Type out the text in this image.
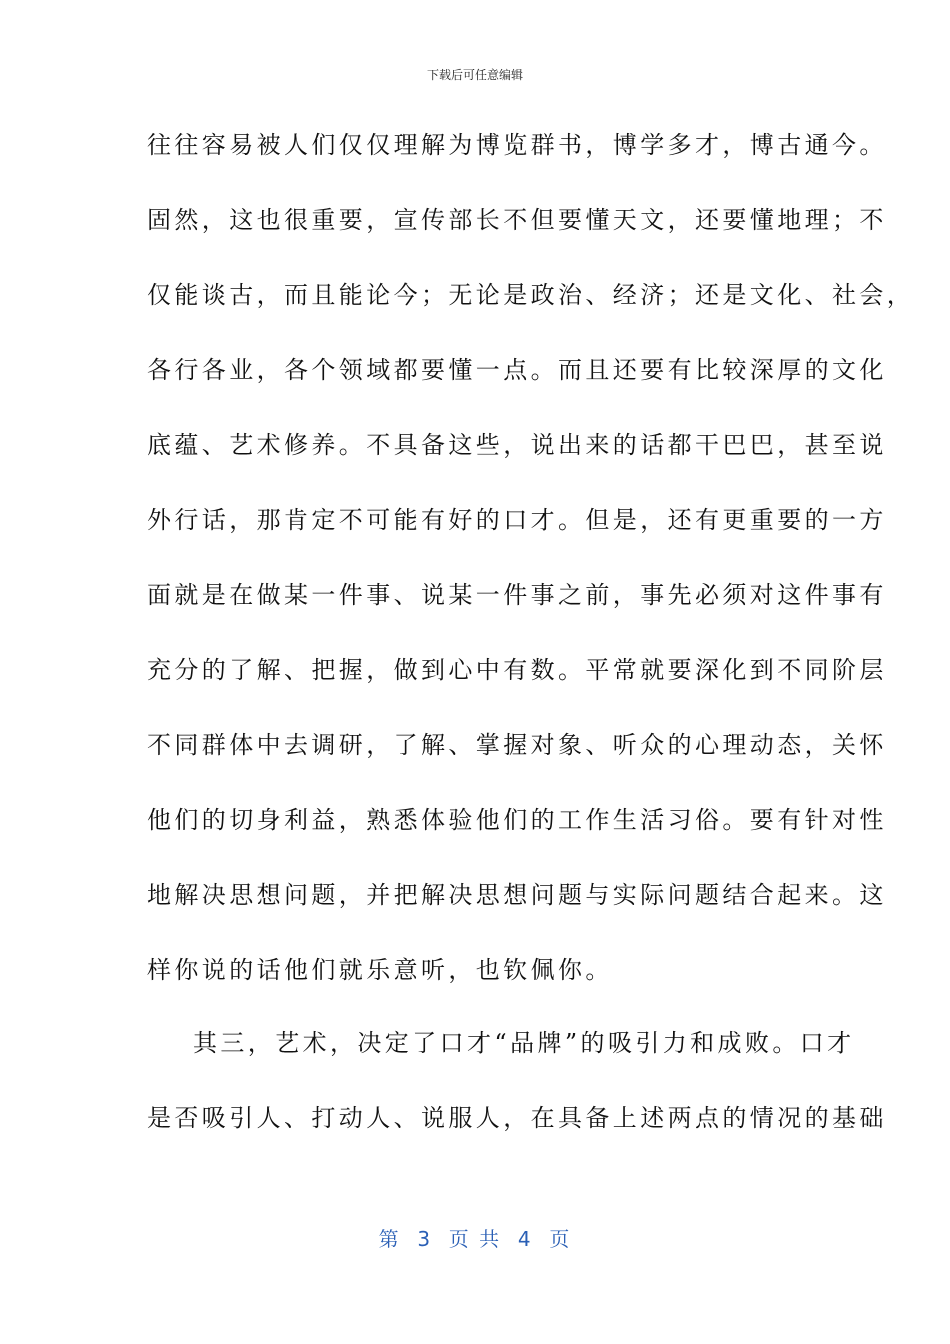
下载后可任意编辑
往往容易被人们仅仅理解为博览群书，博学多才，博古通今。
固然，这也很重要，宣传部长不但要懂天文，还要懂地理；不
仅能谈古，而且能论今；无论是政治、经济；还是文化、社会，
各行各业，各个领域都要懂一点。而且还要有比较深厚的文化
底蕴、艺术修养。不具备这些，说出来的话都干巴巴，甚至说
外行话，那肯定不可能有好的口才。但是，还有更重要的一方
面就是在做某一件事、说某一件事之前，事先必须对这件事有
充分的了解、把握，做到心中有数。平常就要深化到不同阶层
不同群体中去调研，了解、掌握对象、听众的心理动态，关怀
他们的切身利益，熟悉体验他们的工作生活习俗。要有针对性
地解决思想问题，并把解决思想问题与实际问题结合起来。这
样你说的话他们就乐意听，也钦佩你。
其三，艺术，决定了口才“品牌”的吸引力和成败。口才
是否吸引人、打动人、说服人，在具备上述两点的情况的基础
第  3  页 共  4  页
